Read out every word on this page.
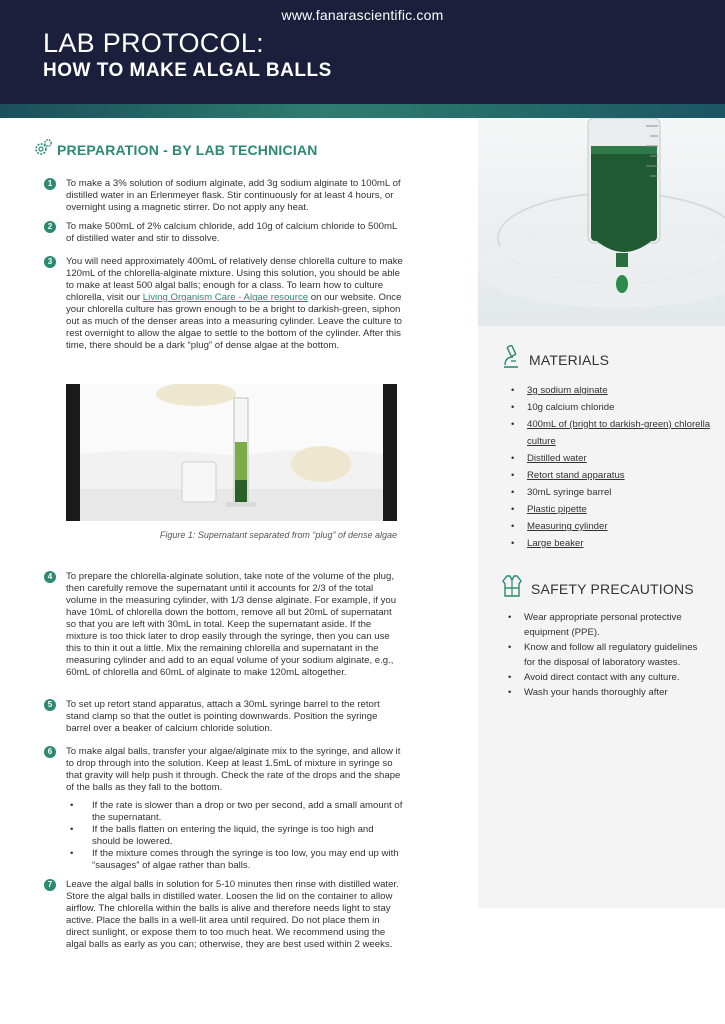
www.fanarascientific.com
LAB PROTOCOL:
HOW TO MAKE ALGAL BALLS
PREPARATION - BY LAB TECHNICIAN
1	To make a 3% solution of sodium alginate, add 3g sodium alginate to 100mL of distilled water in an Erlenmeyer flask. Stir continuously for at least 4 hours, or overnight using a magnetic stirrer. Do not apply any heat.
2	To make 500mL of 2% calcium chloride, add 10g of calcium chloride to 500mL of distilled water and stir to dissolve.
3	You will need approximately 400mL of relatively dense chlorella culture to make 120mL of the chlorella-alginate mixture. Using this solution, you should be able to make at least 500 algal balls; enough for a class. To learn how to culture chlorella, visit our Living Organism Care - Algae resource on our website. Once your chlorella culture has grown enough to be a bright to darkish-green, siphon out as much of the denser areas into a measuring cylinder. Leave the culture to rest overnight to allow the algae to settle to the bottom of the cylinder. After this time, there should be a dark “plug” of dense algae at the bottom.
Figure 1: Supernatant separated from “plug” of dense algae
4	To prepare the chlorella-alginate solution, take note of the volume of the plug, then carefully remove the supernatant until it accounts for 2/3 of the total volume in the measuring cylinder, with 1/3 dense alginate. For example, if you have 10mL of chlorella down the bottom, remove all but 20mL of supernatant so that you are left with 30mL in total. Keep the supernatant aside. If the mixture is too thick later to drop easily through the syringe, then you can use this to thin it out a little. Mix the remaining chlorella and supernatant in the measuring cylinder and add to an equal volume of your sodium alginate, e.g., 60mL of chlorella and 60mL of alginate to make 120mL altogether.
5	To set up retort stand apparatus, attach a 30mL syringe barrel to the retort stand clamp so that the outlet is pointing downwards. Position the syringe barrel over a beaker of calcium chloride solution.
6	To make algal balls, transfer your algae/alginate mix to the syringe, and allow it to drop through into the solution. Keep at least 1.5mL of mixture in syringe so that gravity will help push it through. Check the rate of the drops and the shape of the balls as they fall to the bottom.
• If the rate is slower than a drop or two per second, add a small amount of the supernatant.
• If the balls flatten on entering the liquid, the syringe is too high and should be lowered.
• If the mixture comes through the syringe is too low, you may end up with “sausages” of algae rather than balls.
7	Leave the algal balls in solution for 5-10 minutes then rinse with distilled water. Store the algal balls in distilled water. Loosen the lid on the container to allow airflow. The chlorella within the balls is alive and therefore needs light to stay active. Place the balls in a well-lit area until required. Do not place them in direct sunlight, or expose them to too much heat. We recommend using the algal balls as early as you can; otherwise, they are best used within 2 weeks.
MATERIALS
• 3g sodium alginate
• 10g calcium chloride
• 400mL of (bright to darkish-green) chlorella culture
• Distilled water
• Retort stand apparatus
• 30mL syringe barrel
• Plastic pipette
• Measuring cylinder
• Large beaker
SAFETY PRECAUTIONS
• Wear appropriate personal protective equipment (PPE).
• Know and follow all regulatory guidelines for the disposal of laboratory wastes.
• Avoid direct contact with any culture.
• Wash your hands thoroughly after
